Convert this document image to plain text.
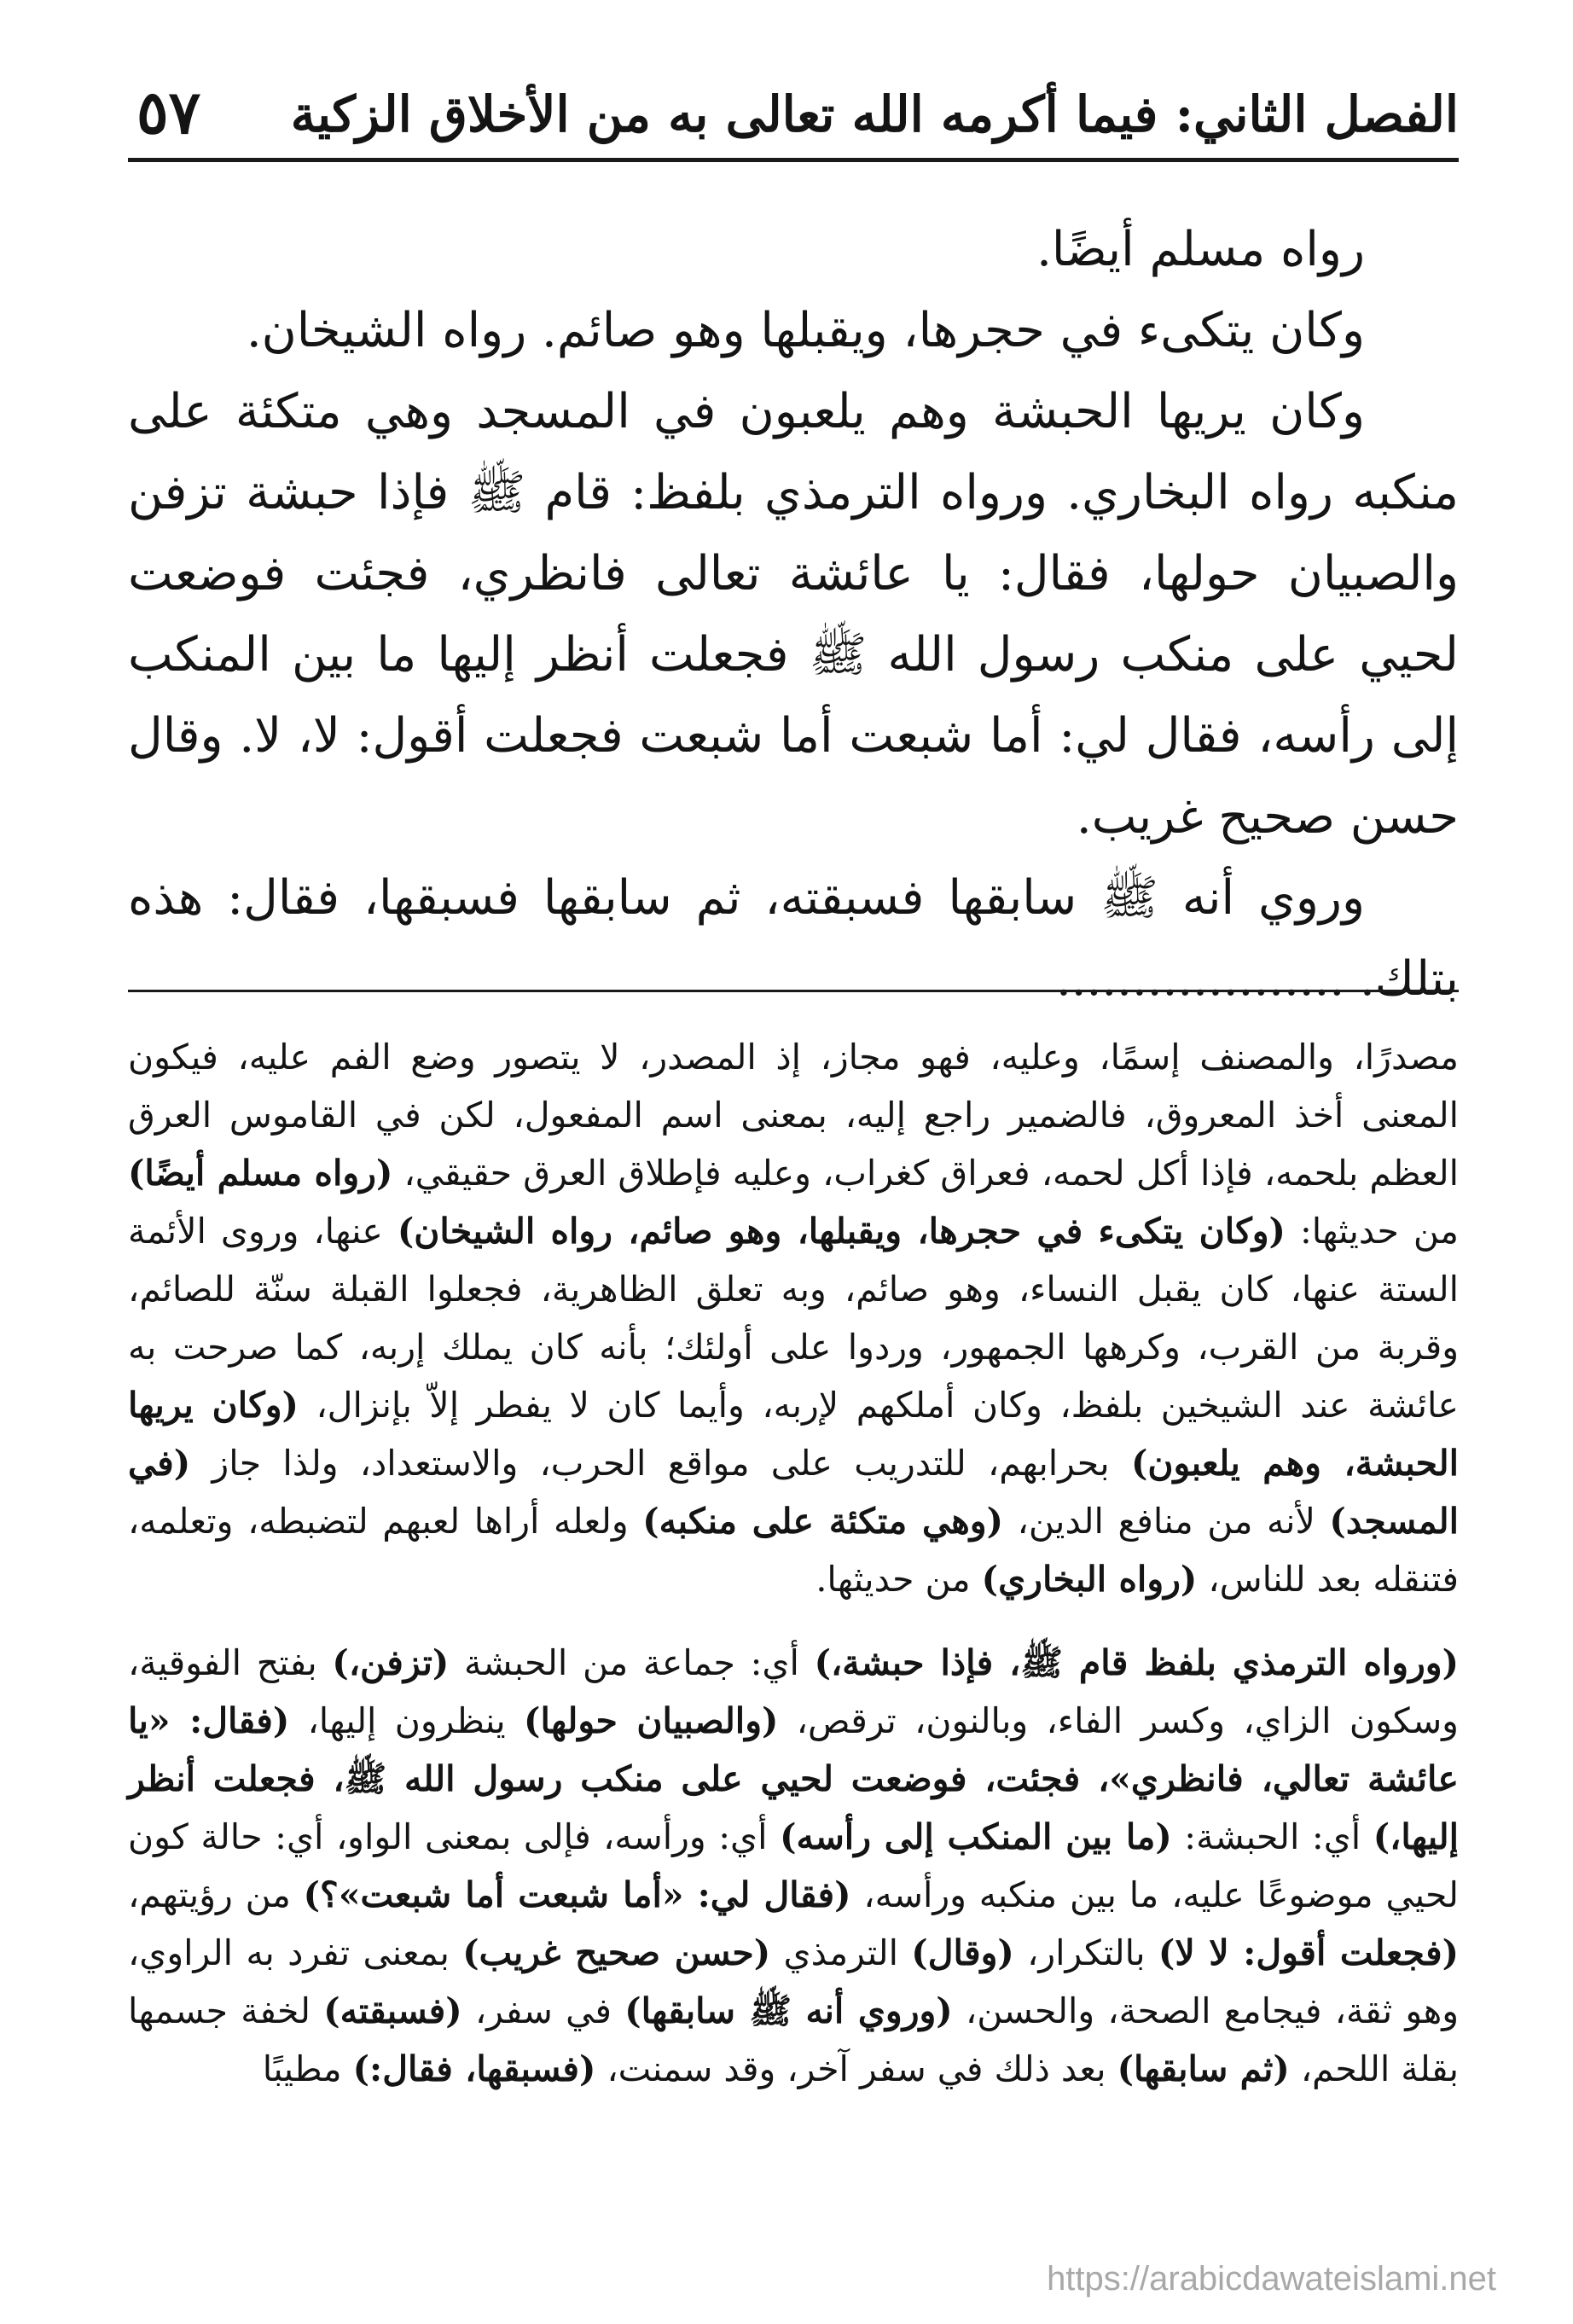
الفصل الثاني: فيما أكرمه الله تعالى به من الأخلاق الزكية
٥٧

رواه مسلم أيضًا.

وكان يتكىء في حجرها، ويقبلها وهو صائم. رواه الشيخان.

وكان يريها الحبشة وهم يلعبون في المسجد وهي متكئة على منكبه رواه البخاري. ورواه الترمذي بلفظ: قام ﷺ فإذا حبشة تزفن والصبيان حولها، فقال: يا عائشة تعالى فانظري، فجئت فوضعت لحيي على منكب رسول الله ﷺ فجعلت أنظر إليها ما بين المنكب إلى رأسه، فقال لي: أما شبعت أما شبعت فجعلت أقول: لا، لا. وقال حسن صحيح غريب.

وروي أنه ﷺ سابقها فسبقته، ثم سابقها فسبقها، فقال: هذه بتلك. ...................

مصدرًا، والمصنف إسمًا، وعليه، فهو مجاز، إذ المصدر، لا يتصور وضع الفم عليه، فيكون المعنى أخذ المعروق، فالضمير راجع إليه، بمعنى اسم المفعول، لكن في القاموس العرق العظم بلحمه، فإذا أكل لحمه، فعراق كغراب، وعليه فإطلاق العرق حقيقي، (رواه مسلم أيضًا) من حديثها: (وكان يتكىء في حجرها، ويقبلها، وهو صائم، رواه الشيخان) عنها، وروى الأئمة الستة عنها، كان يقبل النساء، وهو صائم، وبه تعلق الظاهرية، فجعلوا القبلة سنّة للصائم، وقربة من القرب، وكرهها الجمهور، وردوا على أولئك؛ بأنه كان يملك إربه، كما صرحت به عائشة عند الشيخين بلفظ، وكان أملكهم لإربه، وأيما كان لا يفطر إلاّ بإنزال، (وكان يريها الحبشة، وهم يلعبون) بحرابهم، للتدريب على مواقع الحرب، والاستعداد، ولذا جاز (في المسجد) لأنه من منافع الدين، (وهي متكئة على منكبه) ولعله أراها لعبهم لتضبطه، وتعلمه، فتنقله بعد للناس، (رواه البخاري) من حديثها.

(ورواه الترمذي بلفظ قام ﷺ، فإذا حبشة،) أي: جماعة من الحبشة (تزفن،) بفتح الفوقية، وسكون الزاي، وكسر الفاء، وبالنون، ترقص، (والصبيان حولها) ينظرون إليها، (فقال: «يا عائشة تعالي، فانظري»، فجئت، فوضعت لحيي على منكب رسول الله ﷺ، فجعلت أنظر إليها،) أي: الحبشة: (ما بين المنكب إلى رأسه) أي: ورأسه، فإلى بمعنى الواو، أي: حالة كون لحيي موضوعًا عليه، ما بين منكبه ورأسه، (فقال لي: «أما شبعت أما شبعت»؟) من رؤيتهم، (فجعلت أقول: لا لا) بالتكرار، (وقال) الترمذي (حسن صحيح غريب) بمعنى تفرد به الراوي، وهو ثقة، فيجامع الصحة، والحسن، (وروي أنه ﷺ سابقها) في سفر، (فسبقته) لخفة جسمها بقلة اللحم، (ثم سابقها) بعد ذلك في سفر آخر، وقد سمنت، (فسبقها، فقال:) مطيبًا

https://arabicdawateislami.net
